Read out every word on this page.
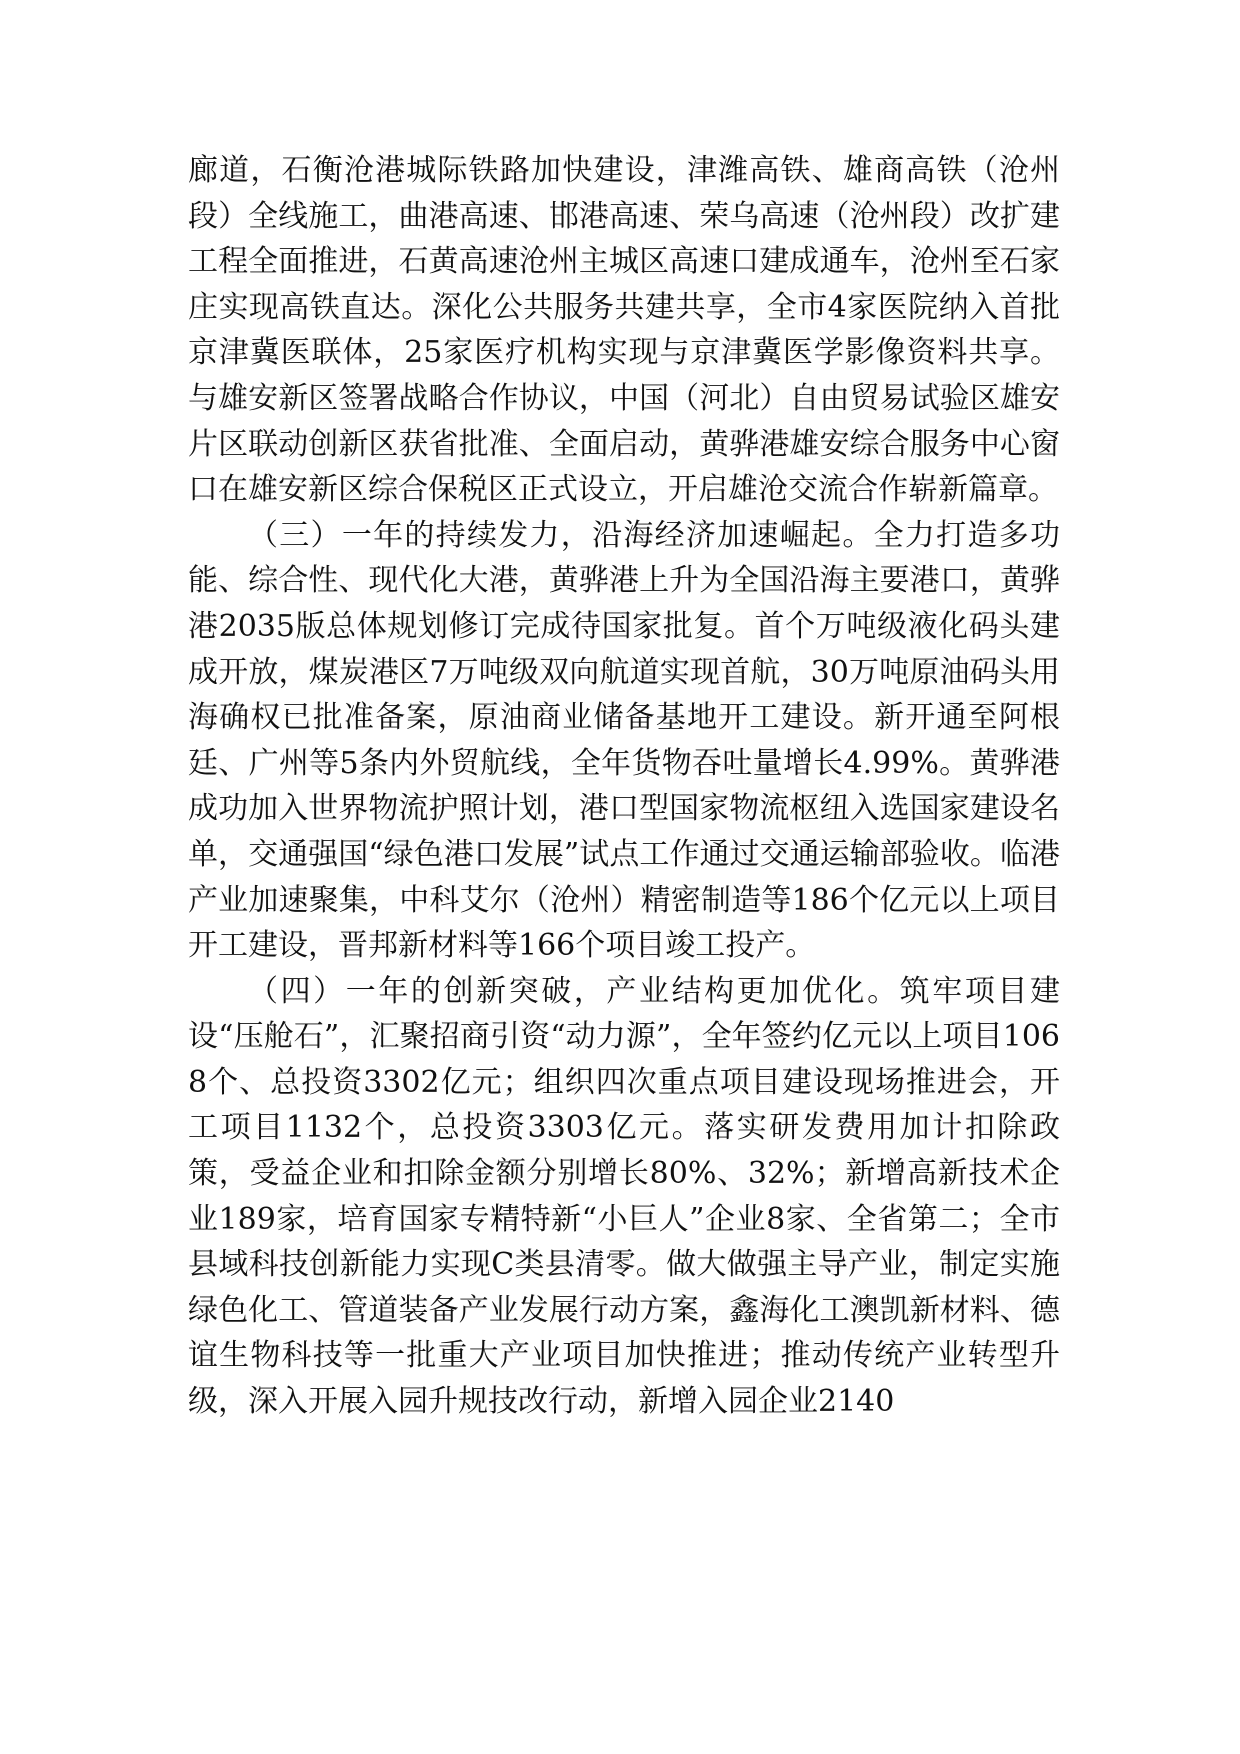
廊道，石衡沧港城际铁路加快建设，津潍高铁、雄商高铁（沧州段）全线施工，曲港高速、邯港高速、荣乌高速（沧州段）改扩建工程全面推进，石黄高速沧州主城区高速口建成通车，沧州至石家庄实现高铁直达。深化公共服务共建共享，全市4家医院纳入首批京津冀医联体，25家医疗机构实现与京津冀医学影像资料共享。与雄安新区签署战略合作协议，中国（河北）自由贸易试验区雄安片区联动创新区获省批准、全面启动，黄骅港雄安综合服务中心窗口在雄安新区综合保税区正式设立，开启雄沧交流合作崭新篇章。

（三）一年的持续发力，沿海经济加速崛起。全力打造多功能、综合性、现代化大港，黄骅港上升为全国沿海主要港口，黄骅港2035版总体规划修订完成待国家批复。首个万吨级液化码头建成开放，煤炭港区7万吨级双向航道实现首航，30万吨原油码头用海确权已批准备案，原油商业储备基地开工建设。新开通至阿根廷、广州等5条内外贸航线，全年货物吞吐量增长4.99%。黄骅港成功加入世界物流护照计划，港口型国家物流枢纽入选国家建设名单，交通强国“绿色港口发展”试点工作通过交通运输部验收。临港产业加速聚集，中科艾尔（沧州）精密制造等186个亿元以上项目开工建设，晋邦新材料等166个项目竣工投产。

（四）一年的创新突破，产业结构更加优化。筑牢项目建设“压舱石”，汇聚招商引资“动力源”，全年签约亿元以上项目1068个、总投资3302亿元；组织四次重点项目建设现场推进会，开工项目1132个，总投资3303亿元。落实研发费用加计扣除政策，受益企业和扣除金额分别增长80%、32%；新增高新技术企业189家，培育国家专精特新“小巨人”企业8家、全省第二；全市县域科技创新能力实现C类县清零。做大做强主导产业，制定实施绿色化工、管道装备产业发展行动方案，鑫海化工澳凯新材料、德谊生物科技等一批重大产业项目加快推进；推动传统产业转型升级，深入开展入园升规技改行动，新增入园企业2140
